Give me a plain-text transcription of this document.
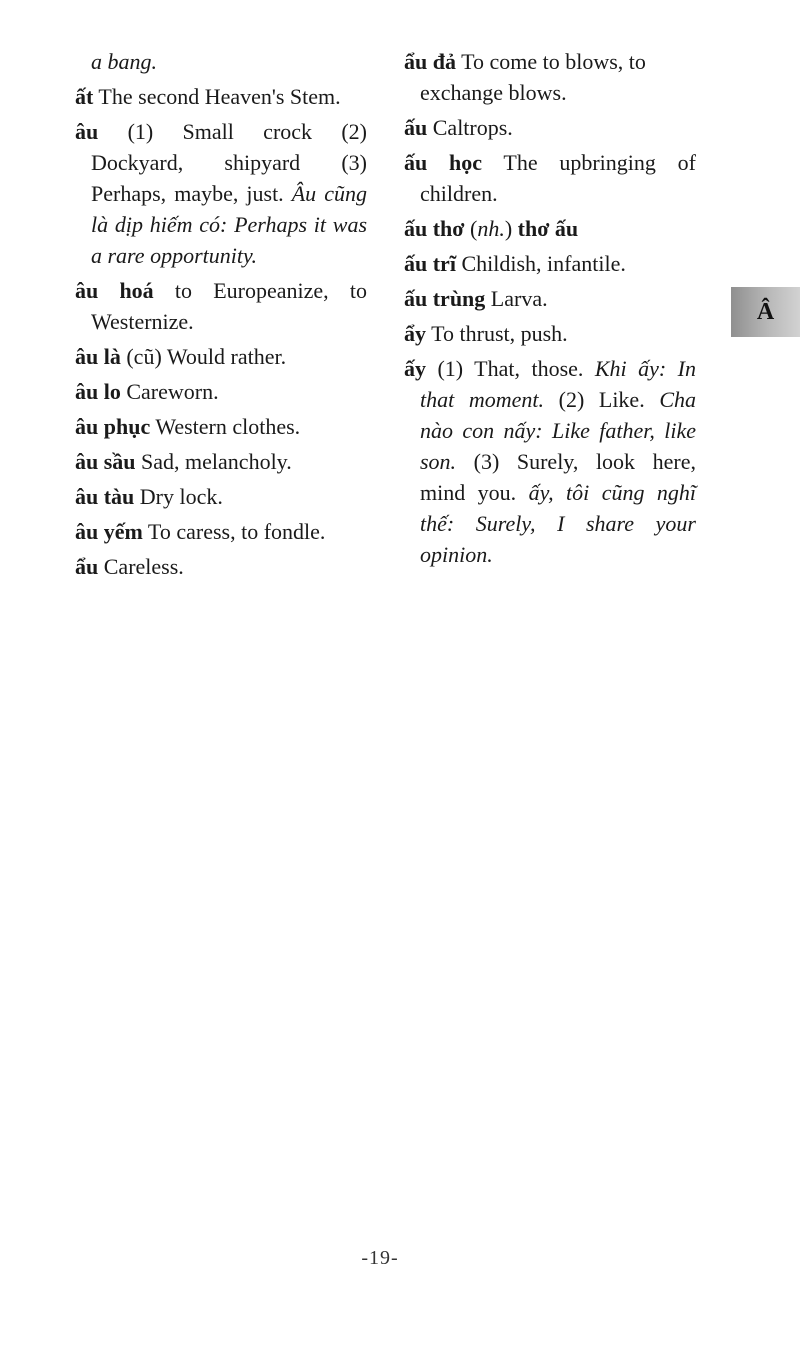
a bang.

ất The second Heaven's Stem.

âu (1) Small crock (2) Dockyard, shipyard (3) Perhaps, maybe, just. Âu cũng là dịp hiếm có: Perhaps it was a rare opportunity.

âu hoá to Europeanize, to Westernize.

âu là (cũ) Would rather.

âu lo Careworn.

âu phục Western clothes.

âu sầu Sad, melancholy.

âu tàu Dry lock.

âu yếm To caress, to fondle.

ẩu Careless.

ẩu đả To come to blows, to exchange blows.

ấu Caltrops.

ấu học The upbringing of children.

ấu thơ (nh.) thơ ấu

ấu trĩ Childish, infantile.

ấu trùng Larva.

ẩy To thrust, push.

ấy (1) That, those. Khi ấy: In that moment. (2) Like. Cha nào con nấy: Like father, like son. (3) Surely, look here, mind you. ấy, tôi cũng nghĩ thế: Surely, I share your opinion.

Â
-19-
